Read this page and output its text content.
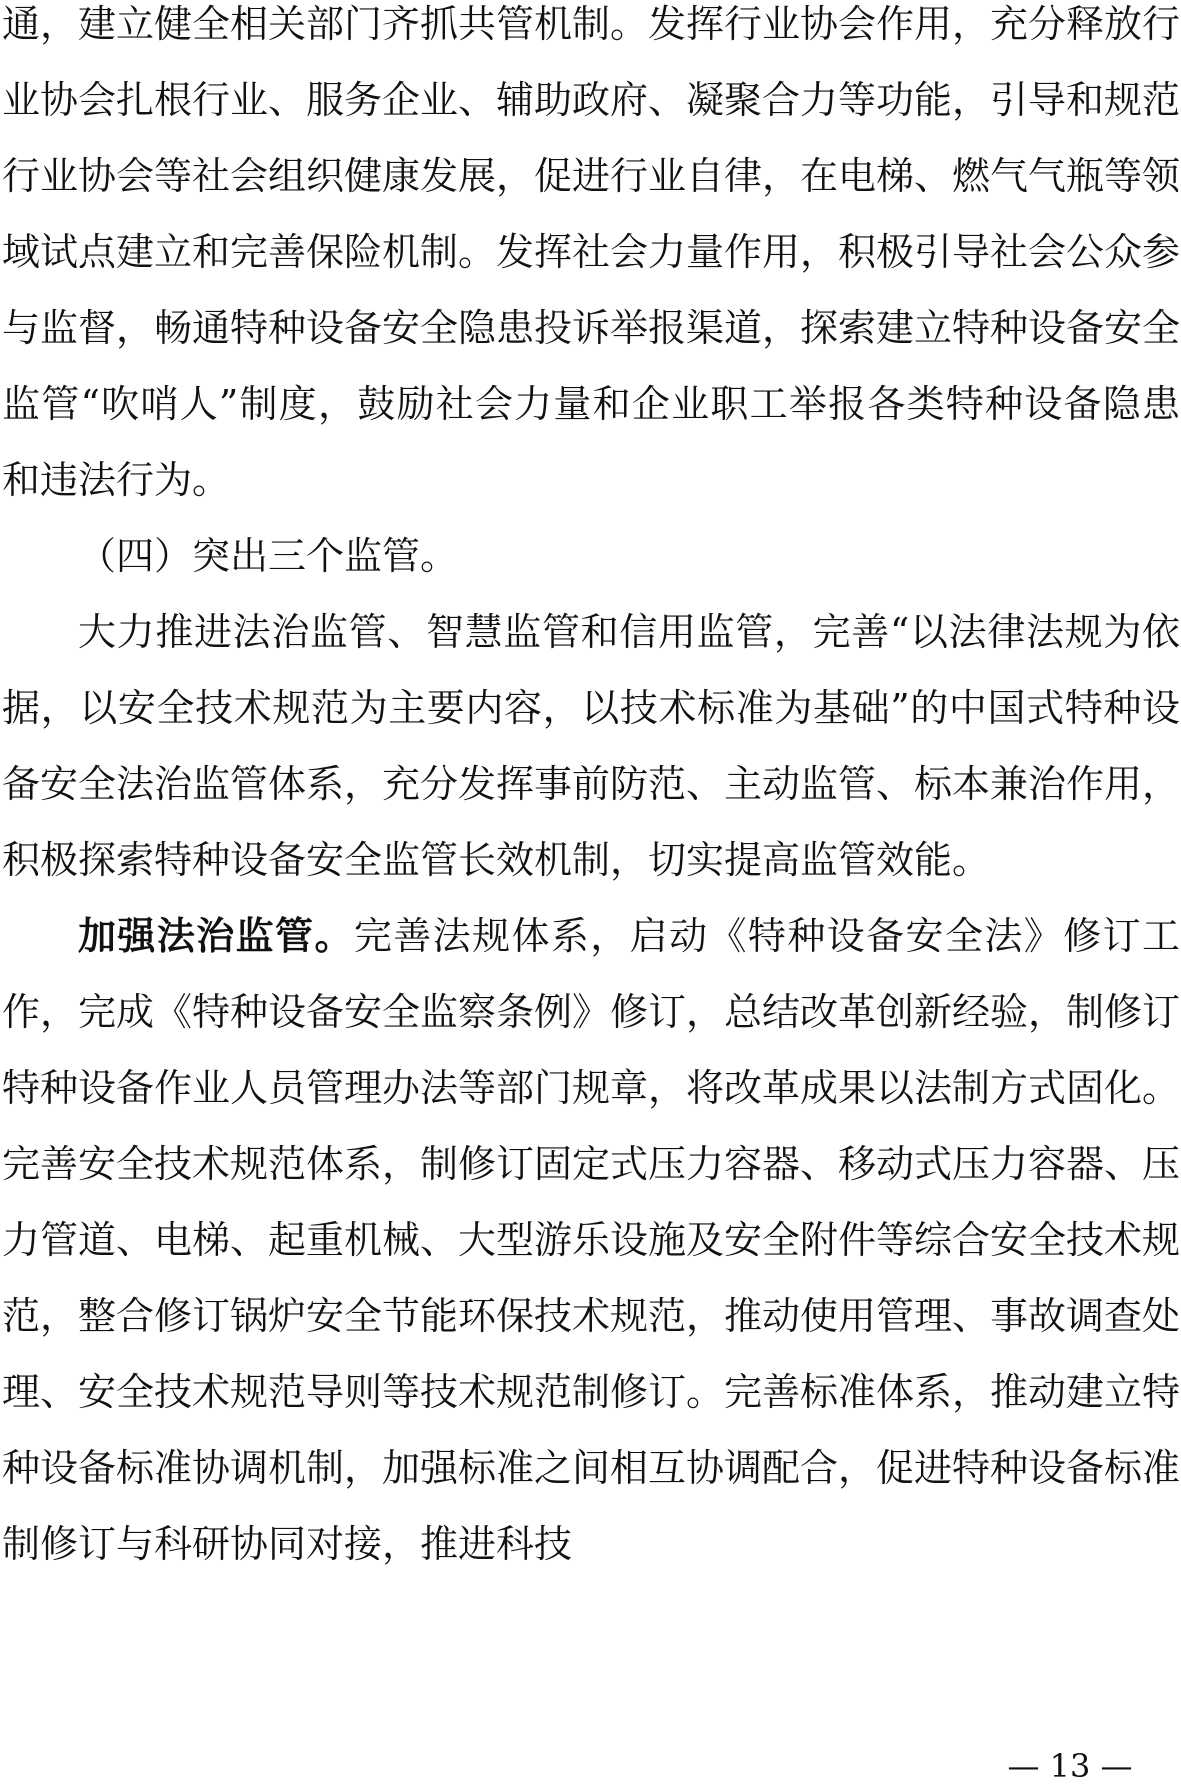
通，建立健全相关部门齐抓共管机制。发挥行业协会作用，充分释放行业协会扎根行业、服务企业、辅助政府、凝聚合力等功能，引导和规范行业协会等社会组织健康发展，促进行业自律，在电梯、燃气气瓶等领域试点建立和完善保险机制。发挥社会力量作用，积极引导社会公众参与监督，畅通特种设备安全隐患投诉举报渠道，探索建立特种设备安全监管“吹哨人”制度，鼓励社会力量和企业职工举报各类特种设备隐患和违法行为。

（四）突出三个监管。

大力推进法治监管、智慧监管和信用监管，完善“以法律法规为依据，以安全技术规范为主要内容，以技术标准为基础”的中国式特种设备安全法治监管体系，充分发挥事前防范、主动监管、标本兼治作用，积极探索特种设备安全监管长效机制，切实提高监管效能。

加强法治监管。完善法规体系，启动《特种设备安全法》修订工作，完成《特种设备安全监察条例》修订，总结改革创新经验，制修订特种设备作业人员管理办法等部门规章，将改革成果以法制方式固化。完善安全技术规范体系，制修订固定式压力容器、移动式压力容器、压力管道、电梯、起重机械、大型游乐设施及安全附件等综合安全技术规范，整合修订锅炉安全节能环保技术规范，推动使用管理、事故调查处理、安全技术规范导则等技术规范制修订。完善标准体系，推动建立特种设备标准协调机制，加强标准之间相互协调配合，促进特种设备标准制修订与科研协同对接，推进科技

— 13 —
